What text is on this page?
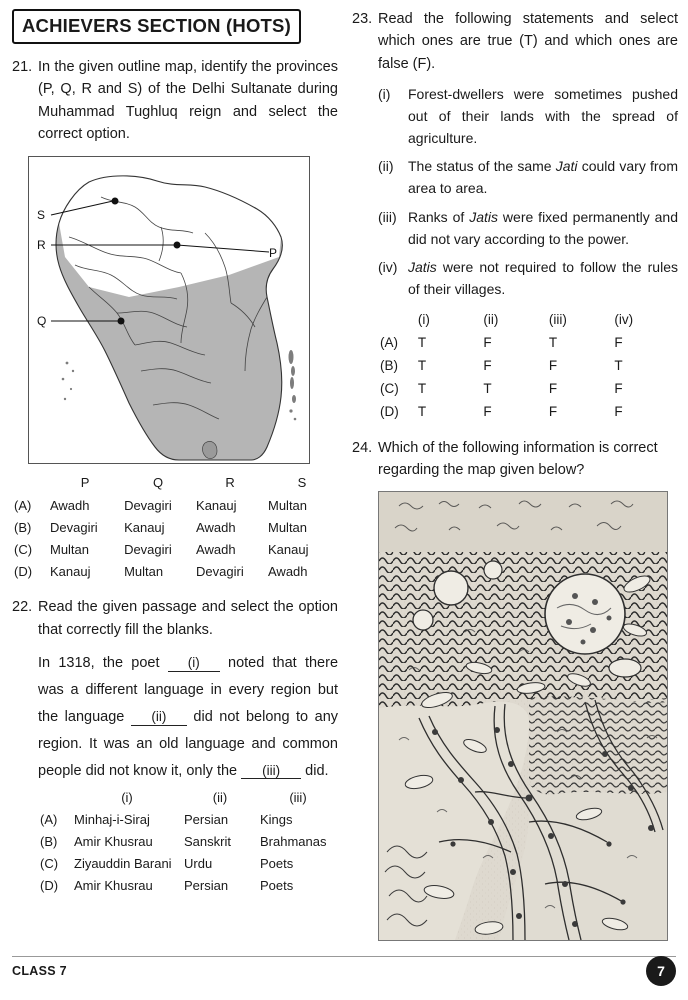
ACHIEVERS SECTION (HOTS)
21. In the given outline map, identify the provinces (P, Q, R and S) of the Delhi Sultanate during Muhammad Tughluq reign and select the correct option.
S
R
P
Q
	P	Q	R	S
(A)	Awadh	Devagiri	Kanauj	Multan
(B)	Devagiri	Kanauj	Awadh	Multan
(C)	Multan	Devagiri	Awadh	Kanauj
(D)	Kanauj	Multan	Devagiri	Awadh
22. Read the given passage and select the option that correctly fill the blanks.
In 1318, the poet (i) noted that there was a different language in every region but the language (ii) did not belong to any region. It was an old language and common people did not know it, only the (iii) did.
	(i)	(ii)	(iii)
(A)	Minhaj-i-Siraj	Persian	Kings
(B)	Amir Khusrau	Sanskrit	Brahmanas
(C)	Ziyauddin Barani	Urdu	Poets
(D)	Amir Khusrau	Persian	Poets
23. Read the following statements and select which ones are true (T) and which ones are false (F).
(i)	Forest-dwellers were sometimes pushed out of their lands with the spread of agriculture.
(ii)	The status of the same Jati could vary from area to area.
(iii) Ranks of Jatis were fixed permanently and did not vary according to the power.
(iv) Jatis were not required to follow the rules of their villages.
	(i)	(ii)	(iii)	(iv)
(A)	T	F	T	F
(B)	T	F	F	T
(C)	T	T	F	F
(D)	T	F	F	F
24. Which of the following information is correct regarding the map given below?
CLASS 7	7
